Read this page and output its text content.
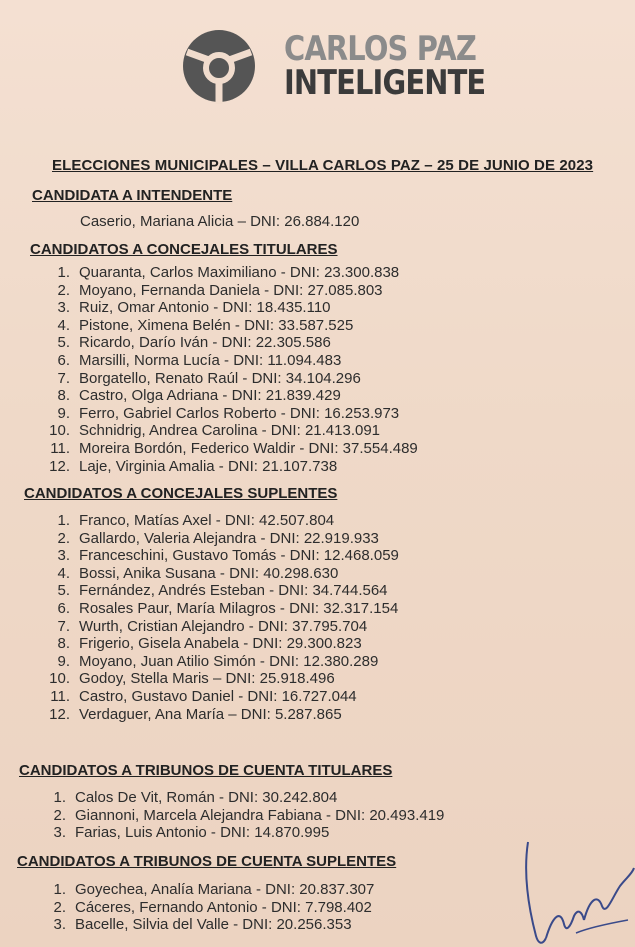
CARLOS PAZ
INTELIGENTE
ELECCIONES MUNICIPALES – VILLA CARLOS PAZ – 25 DE JUNIO DE 2023
CANDIDATA A INTENDENTE
Caserio, Mariana Alicia – DNI: 26.884.120
CANDIDATOS A CONCEJALES TITULARES
1. Quaranta, Carlos Maximiliano - DNI: 23.300.838
2. Moyano, Fernanda Daniela - DNI: 27.085.803
3. Ruiz, Omar Antonio - DNI: 18.435.110
4. Pistone, Ximena Belén - DNI: 33.587.525
5. Ricardo, Darío Iván - DNI: 22.305.586
6. Marsilli, Norma Lucía - DNI: 11.094.483
7. Borgatello, Renato Raúl - DNI: 34.104.296
8. Castro, Olga Adriana - DNI: 21.839.429
9. Ferro, Gabriel Carlos Roberto - DNI: 16.253.973
10. Schnidrig, Andrea Carolina - DNI: 21.413.091
11. Moreira Bordón, Federico Waldir - DNI: 37.554.489
12. Laje, Virginia Amalia - DNI: 21.107.738
CANDIDATOS A CONCEJALES SUPLENTES
1. Franco, Matías Axel - DNI: 42.507.804
2. Gallardo, Valeria Alejandra - DNI: 22.919.933
3. Franceschini, Gustavo Tomás - DNI: 12.468.059
4. Bossi, Anika Susana - DNI: 40.298.630
5. Fernández, Andrés Esteban - DNI: 34.744.564
6. Rosales Paur, María Milagros - DNI: 32.317.154
7. Wurth, Cristian Alejandro - DNI: 37.795.704
8. Frigerio, Gisela Anabela - DNI: 29.300.823
9. Moyano, Juan Atilio Simón - DNI: 12.380.289
10. Godoy, Stella Maris – DNI: 25.918.496
11. Castro, Gustavo Daniel - DNI: 16.727.044
12. Verdaguer, Ana María – DNI: 5.287.865
CANDIDATOS A TRIBUNOS DE CUENTA TITULARES
1. Calos De Vit, Román - DNI: 30.242.804
2. Giannoni, Marcela Alejandra Fabiana - DNI: 20.493.419
3. Farias, Luis Antonio - DNI: 14.870.995
CANDIDATOS A TRIBUNOS DE CUENTA SUPLENTES
1. Goyechea, Analía Mariana - DNI: 20.837.307
2. Cáceres, Fernando Antonio - DNI: 7.798.402
3. Bacelle, Silvia del Valle - DNI: 20.256.353
